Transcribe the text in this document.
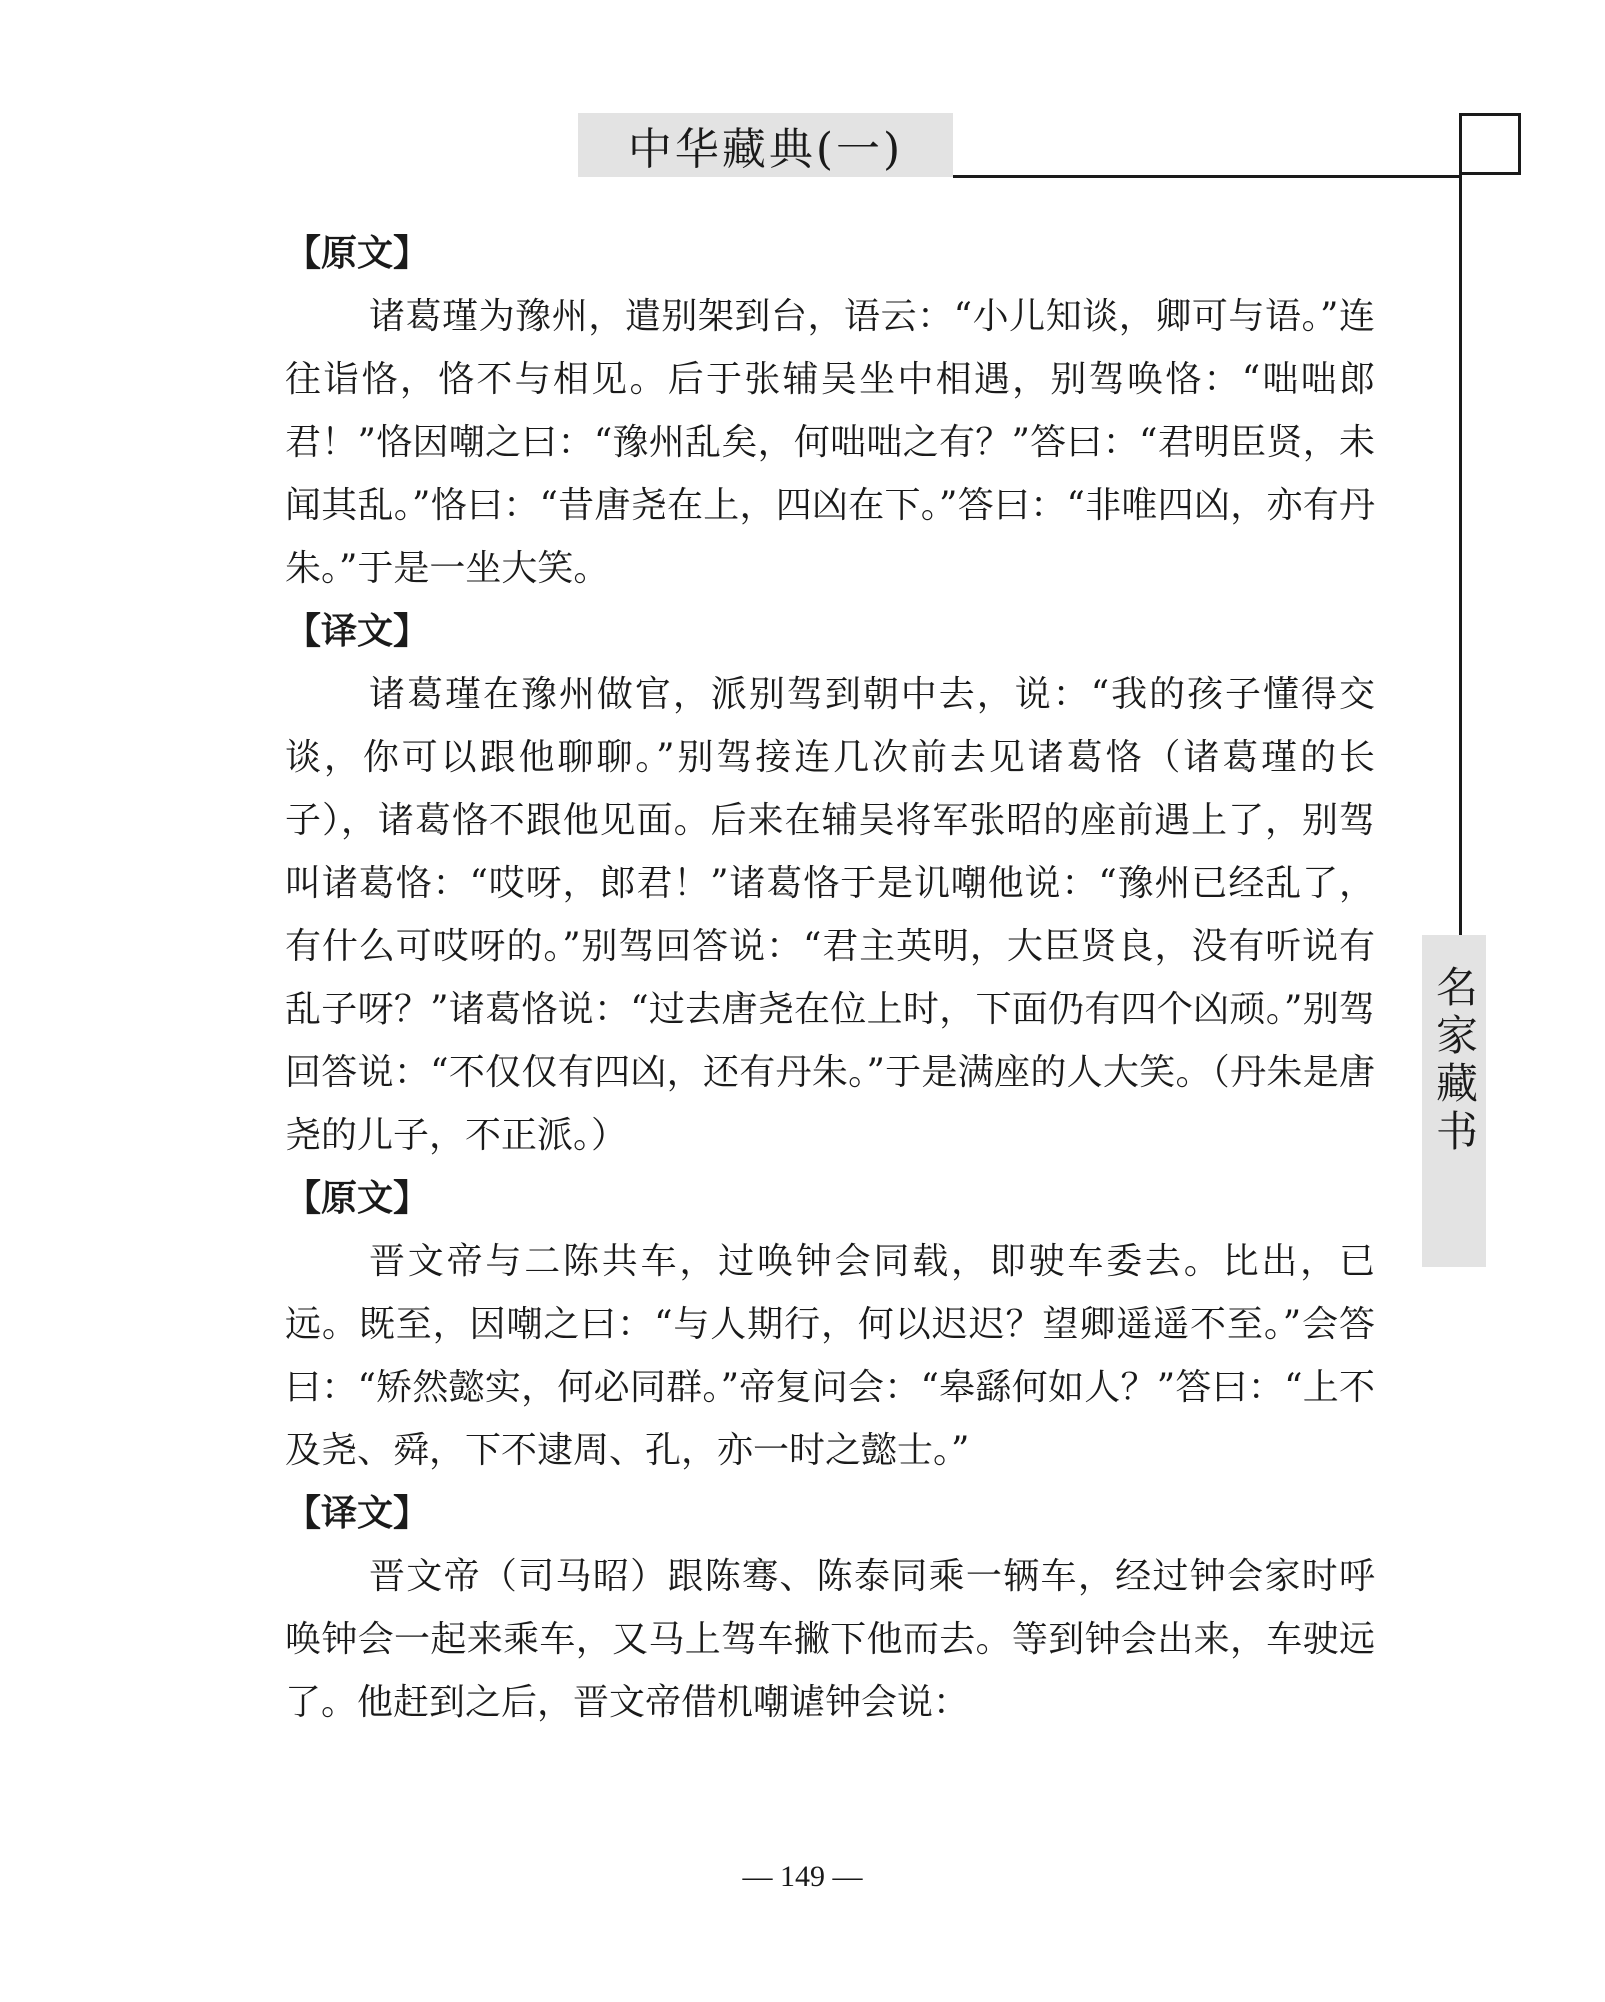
中华藏典(一)
名家藏书
【原文】

诸葛瑾为豫州，遣别架到台，语云：“小儿知谈，卿可与语。”连往诣恪，恪不与相见。后于张辅吴坐中相遇，别驾唤恪：“咄咄郎君！”恪因嘲之曰：“豫州乱矣，何咄咄之有？”答曰：“君明臣贤，未闻其乱。”恪曰：“昔唐尧在上，四凶在下。”答曰：“非唯四凶，亦有丹朱。”于是一坐大笑。

【译文】

诸葛瑾在豫州做官，派别驾到朝中去，说：“我的孩子懂得交谈，你可以跟他聊聊。”别驾接连几次前去见诸葛恪（诸葛瑾的长子），诸葛恪不跟他见面。后来在辅吴将军张昭的座前遇上了，别驾叫诸葛恪：“哎呀，郎君！”诸葛恪于是讥嘲他说：“豫州已经乱了，有什么可哎呀的。”别驾回答说：“君主英明，大臣贤良，没有听说有乱子呀？”诸葛恪说：“过去唐尧在位上时，下面仍有四个凶顽。”别驾回答说：“不仅仅有四凶，还有丹朱。”于是满座的人大笑。（丹朱是唐尧的儿子，不正派。）

【原文】

晋文帝与二陈共车，过唤钟会同载，即驶车委去。比出，已远。既至，因嘲之曰：“与人期行，何以迟迟？望卿遥遥不至。”会答曰：“矫然懿实，何必同群。”帝复问会：“皋繇何如人？”答曰：“上不及尧、舜，下不逮周、孔，亦一时之懿士。”

【译文】

晋文帝（司马昭）跟陈骞、陈泰同乘一辆车，经过钟会家时呼唤钟会一起来乘车，又马上驾车撇下他而去。等到钟会出来，车驶远了。他赶到之后，晋文帝借机嘲谑钟会说：

— 149 —
